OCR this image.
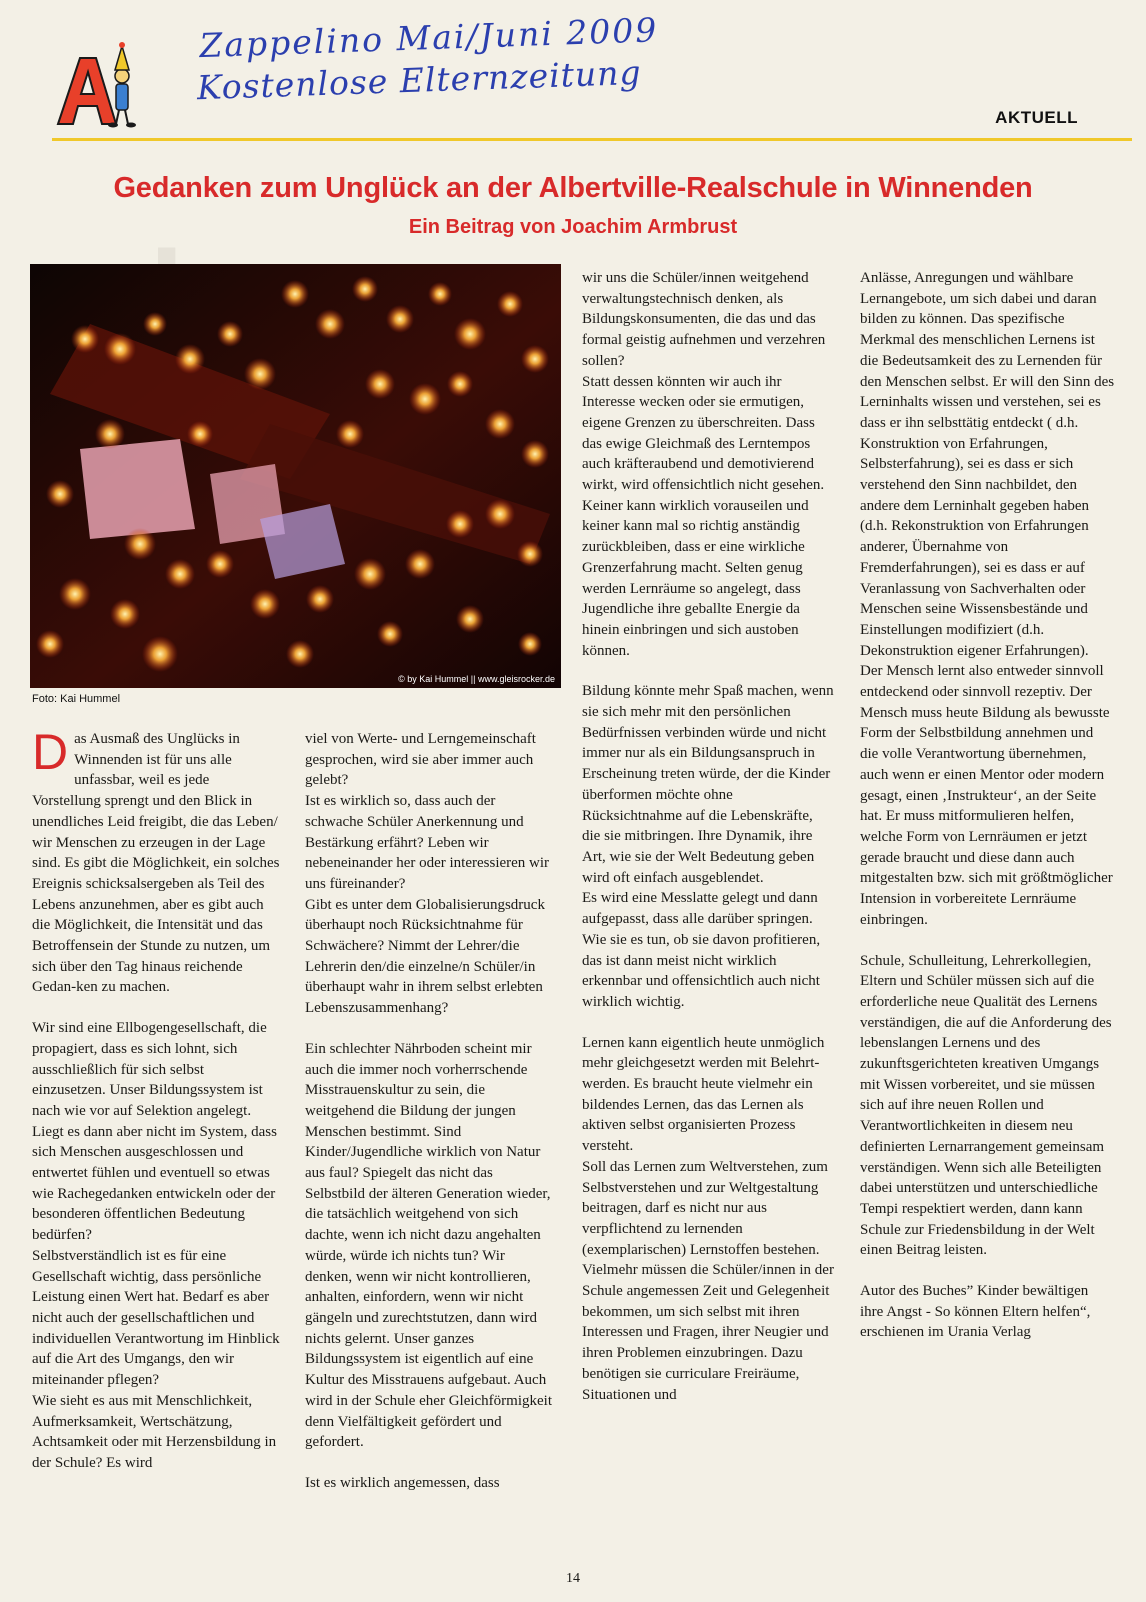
Zappelino Mai/Juni 2009
Kostenlose Elternzeitung
AKTUELL
Gedanken zum Unglück an der Albertville-Realschule in Winnenden
Ein Beitrag von Joachim Armbrust
© by Kai Hummel || www.gleisrocker.de
Foto: Kai Hummel

Das Ausmaß des Unglücks in Winnenden ist für uns alle unfassbar, weil es jede Vorstellung sprengt und den Blick in unendliches Leid freigibt, die das Leben/ wir Menschen zu erzeugen in der Lage sind. Es gibt die Möglichkeit, ein solches Ereignis schicksalsergeben als Teil des Lebens anzunehmen, aber es gibt auch die Möglichkeit, die Intensität und das Betroffensein der Stunde zu nutzen, um sich über den Tag hinaus reichende Gedan-ken zu machen.

Wir sind eine Ellbogengesellschaft, die propagiert, dass es sich lohnt, sich ausschließlich für sich selbst einzusetzen. Unser Bildungssystem ist nach wie vor auf Selektion angelegt. Liegt es dann aber nicht im System, dass sich Menschen ausgeschlossen und entwertet fühlen und eventuell so etwas wie Rachegedanken entwickeln oder der besonderen öffentlichen Bedeutung bedürfen?

Selbstverständlich ist es für eine Gesellschaft wichtig, dass persönliche Leistung einen Wert hat. Bedarf es aber nicht auch der gesellschaftlichen und individuellen Verantwortung im Hinblick auf die Art des Umgangs, den wir miteinander pflegen?

Wie sieht es aus mit Menschlichkeit, Aufmerksamkeit, Wertschätzung, Achtsamkeit oder mit Herzensbildung in der Schule? Es wird

viel von Werte- und Lerngemeinschaft gesprochen, wird sie aber immer auch gelebt?

Ist es wirklich so, dass auch der schwache Schüler Anerkennung und Bestärkung erfährt? Leben wir nebeneinander her oder interessieren wir uns füreinander?

Gibt es unter dem Globalisierungsdruck überhaupt noch Rücksichtnahme für Schwächere? Nimmt der Lehrer/die Lehrerin den/die einzelne/n Schüler/in überhaupt wahr in ihrem selbst erlebten Lebenszusammenhang?

Ein schlechter Nährboden scheint mir auch die immer noch vorherrschende Misstrauenskultur zu sein, die weitgehend die Bildung der jungen Menschen bestimmt. Sind Kinder/Jugendliche wirklich von Natur aus faul? Spiegelt das nicht das Selbstbild der älteren Generation wieder, die tatsächlich weitgehend von sich dachte, wenn ich nicht dazu angehalten würde, würde ich nichts tun? Wir denken, wenn wir nicht kontrollieren, anhalten, einfordern, wenn wir nicht gängeln und zurechtstutzen, dann wird nichts gelernt. Unser ganzes Bildungssystem ist eigentlich auf eine Kultur des Misstrauens aufgebaut. Auch wird in der Schule eher Gleichförmigkeit denn Vielfältigkeit gefördert und gefordert.

Ist es wirklich angemessen, dass

wir uns die Schüler/innen weitgehend verwaltungstechnisch denken, als Bildungskonsumenten, die das und das formal geistig aufnehmen und verzehren sollen?

Statt dessen könnten wir auch ihr Interesse wecken oder sie ermutigen, eigene Grenzen zu überschreiten. Dass das ewige Gleichmaß des Lerntempos auch kräfteraubend und demotivierend wirkt, wird offensichtlich nicht gesehen. Keiner kann wirklich vorauseilen und keiner kann mal so richtig anständig zurückbleiben, dass er eine wirkliche Grenzerfahrung macht. Selten genug werden Lernräume so angelegt, dass Jugendliche ihre geballte Energie da hinein einbringen und sich austoben können.

Bildung könnte mehr Spaß machen, wenn sie sich mehr mit den persönlichen Bedürfnissen verbinden würde und nicht immer nur als ein Bildungsanspruch in Erscheinung treten würde, der die Kinder überformen möchte ohne Rücksichtnahme auf die Lebenskräfte, die sie mitbringen. Ihre Dynamik, ihre Art, wie sie der Welt Bedeutung geben wird oft einfach ausgeblendet.

Es wird eine Messlatte gelegt und dann aufgepasst, dass alle darüber springen. Wie sie es tun, ob sie davon profitieren, das ist dann meist nicht wirklich erkennbar und offensichtlich auch nicht wirklich wichtig.

Lernen kann eigentlich heute unmöglich mehr gleichgesetzt werden mit Belehrt-werden. Es braucht heute vielmehr ein bildendes Lernen, das das Lernen als aktiven selbst organisierten Prozess versteht.

Soll das Lernen zum Weltverstehen, zum Selbstverstehen und zur Weltgestaltung beitragen, darf es nicht nur aus verpflichtend zu lernenden (exemplarischen) Lernstoffen bestehen. Vielmehr müssen die Schüler/innen in der Schule angemessen Zeit und Gelegenheit bekommen, um sich selbst mit ihren Interessen und Fragen, ihrer Neugier und ihren Problemen einzubringen. Dazu benötigen sie curriculare Freiräume, Situationen und

Anlässe, Anregungen und wählbare Lernangebote, um sich dabei und daran bilden zu können. Das spezifische Merkmal des menschlichen Lernens ist die Bedeutsamkeit des zu Lernenden für den Menschen selbst. Er will den Sinn des Lerninhalts wissen und verstehen, sei es dass er ihn selbsttätig entdeckt ( d.h. Konstruktion von Erfahrungen, Selbsterfahrung), sei es dass er sich verstehend den Sinn nachbildet, den andere dem Lerninhalt gegeben haben (d.h. Rekonstruktion von Erfahrungen anderer, Übernahme von Fremderfahrungen), sei es dass er auf Veranlassung von Sachverhalten oder Menschen seine Wissensbestände und Einstellungen modifiziert (d.h. Dekonstruktion eigener Erfahrungen).

Der Mensch lernt also entweder sinnvoll entdeckend oder sinnvoll rezeptiv. Der Mensch muss heute Bildung als bewusste Form der Selbstbildung annehmen und die volle Verantwortung übernehmen, auch wenn er einen Mentor oder modern gesagt, einen ‚Instrukteur‘, an der Seite hat. Er muss mitformulieren helfen, welche Form von Lernräumen er jetzt gerade braucht und diese dann auch mitgestalten bzw. sich mit größtmöglicher Intension in vorbereitete Lernräume einbringen.

Schule, Schulleitung, Lehrerkollegien, Eltern und Schüler müssen sich auf die erforderliche neue Qualität des Lernens verständigen, die auf die Anforderung des lebenslangen Lernens und des zukunftsgerichteten kreativen Umgangs mit Wissen vorbereitet, und sie müssen sich auf ihre neuen Rollen und Verantwortlichkeiten in diesem neu definierten Lernarrangement gemeinsam verständigen. Wenn sich alle Beteiligten dabei unterstützen und unterschiedliche Tempi respektiert werden, dann kann Schule zur Friedensbildung in der Welt einen Beitrag leisten.

Autor des Buches” Kinder bewältigen ihre Angst - So können Eltern helfen“, erschienen im Urania Verlag

14
